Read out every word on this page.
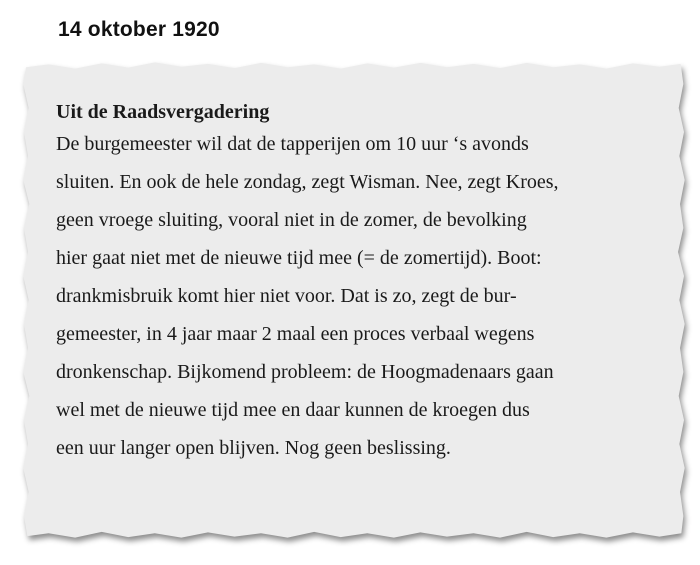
14 oktober 1920

Uit de Raadsvergadering

De burgemeester wil dat de tapperijen om 10 uur ‘s avonds
sluiten. En ook de hele zondag, zegt Wisman. Nee, zegt Kroes,
geen vroege sluiting, vooral niet in de zomer, de bevolking
hier gaat niet met de nieuwe tijd mee (= de zomertijd). Boot:
drankmisbruik komt hier niet voor. Dat is zo, zegt de bur-
gemeester, in 4 jaar maar 2 maal een proces verbaal wegens
dronkenschap. Bijkomend probleem: de Hoogmadenaars gaan
wel met de nieuwe tijd mee en daar kunnen de kroegen dus
een uur langer open blijven. Nog geen beslissing.
